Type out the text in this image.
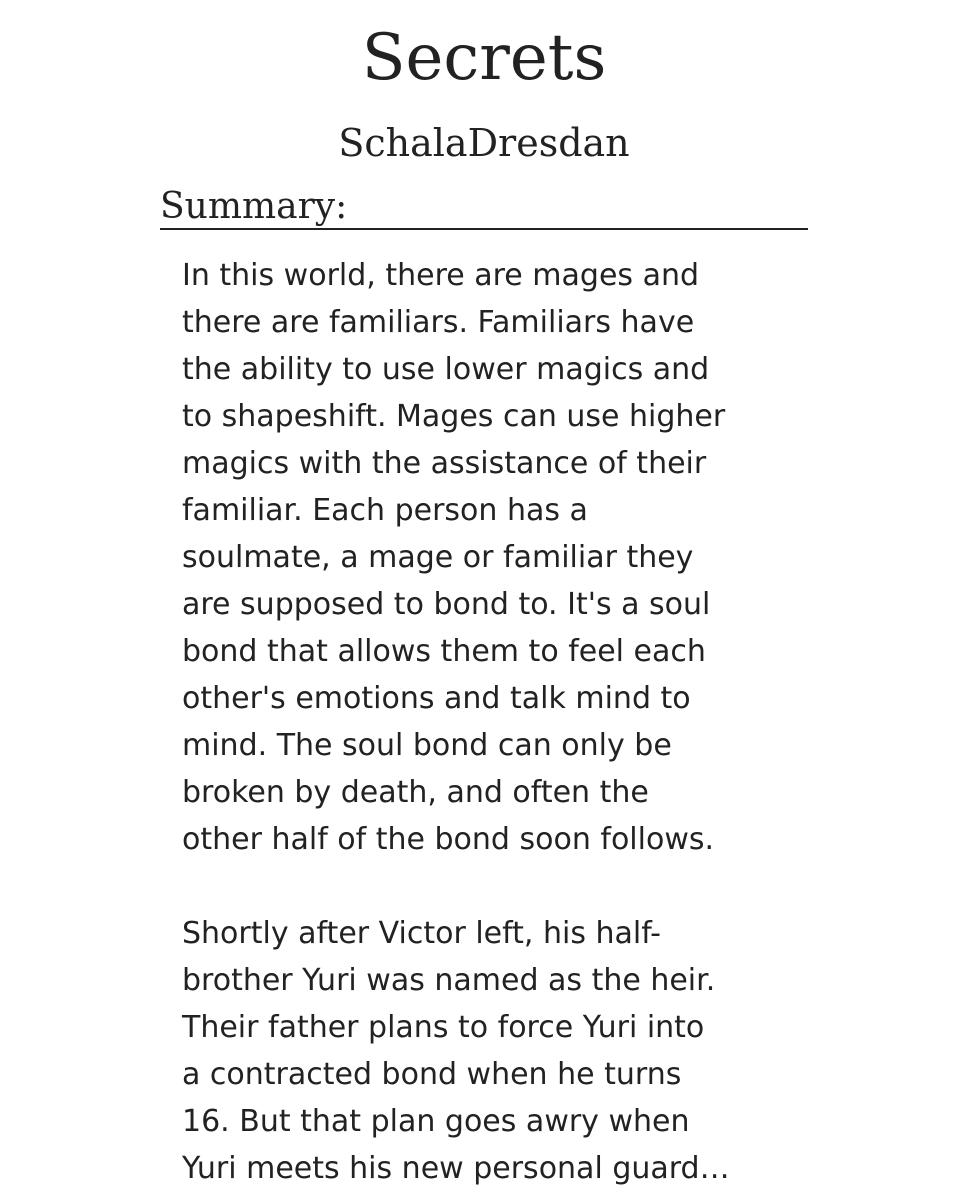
Secrets
SchalaDresdan
Summary:

In this world, there are mages and
there are familiars. Familiars have
the ability to use lower magics and
to shapeshift. Mages can use higher
magics with the assistance of their
familiar. Each person has a
soulmate, a mage or familiar they
are supposed to bond to. It's a soul
bond that allows them to feel each
other's emotions and talk mind to
mind. The soul bond can only be
broken by death, and often the
other half of the bond soon follows.

Shortly after Victor left, his half-
brother Yuri was named as the heir.
Their father plans to force Yuri into
a contracted bond when he turns
16. But that plan goes awry when
Yuri meets his new personal guard…
